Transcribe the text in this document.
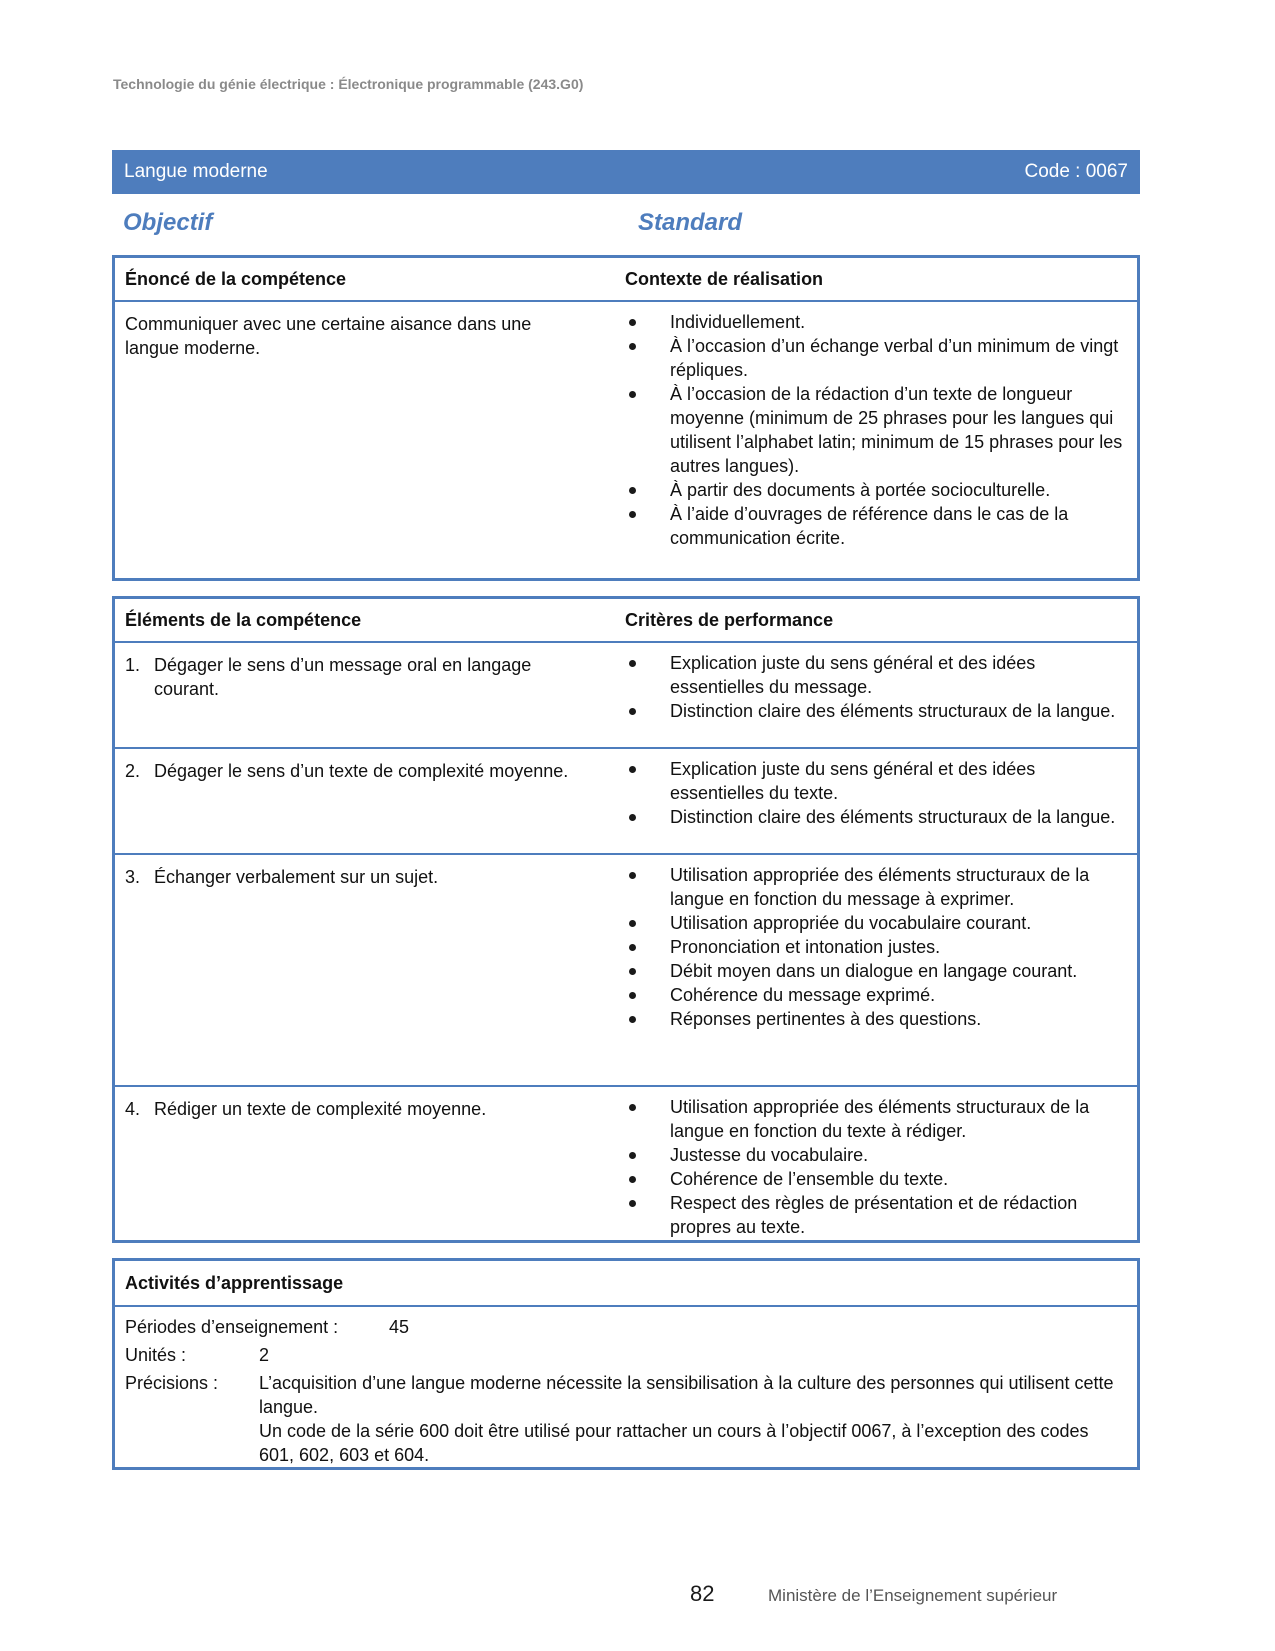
Technologie du génie électrique : Électronique programmable (243.G0)
Langue moderne	Code : 0067
Objectif	Standard
Énoncé de la compétence	Contexte de réalisation
Communiquer avec une certaine aisance dans une langue moderne.
Individuellement.
À l’occasion d’un échange verbal d’un minimum de vingt répliques.
À l’occasion de la rédaction d’un texte de longueur moyenne (minimum de 25 phrases pour les langues qui utilisent l’alphabet latin; minimum de 15 phrases pour les autres langues).
À partir des documents à portée socioculturelle.
À l’aide d’ouvrages de référence dans le cas de la communication écrite.
Éléments de la compétence	Critères de performance
1. Dégager le sens d’un message oral en langage courant.
Explication juste du sens général et des idées essentielles du message.
Distinction claire des éléments structuraux de la langue.
2. Dégager le sens d’un texte de complexité moyenne.	Explication juste du sens général et des idées essentielles du texte.
Distinction claire des éléments structuraux de la langue.
3. Échanger verbalement sur un sujet.	Utilisation appropriée des éléments structuraux de la langue en fonction du message à exprimer.
Utilisation appropriée du vocabulaire courant.
Prononciation et intonation justes.
Débit moyen dans un dialogue en langage courant.
Cohérence du message exprimé.
Réponses pertinentes à des questions.
4. Rédiger un texte de complexité moyenne.	Utilisation appropriée des éléments structuraux de la langue en fonction du texte à rédiger.
Justesse du vocabulaire.
Cohérence de l’ensemble du texte.
Respect des règles de présentation et de rédaction propres au texte.
Activités d’apprentissage
Périodes d’enseignement :	45
Unités :	2
Précisions :	L’acquisition d’une langue moderne nécessite la sensibilisation à la culture des personnes qui utilisent cette langue.
Un code de la série 600 doit être utilisé pour rattacher un cours à l’objectif 0067, à l’exception des codes 601, 602, 603 et 604.
82	Ministère de l’Enseignement supérieur
